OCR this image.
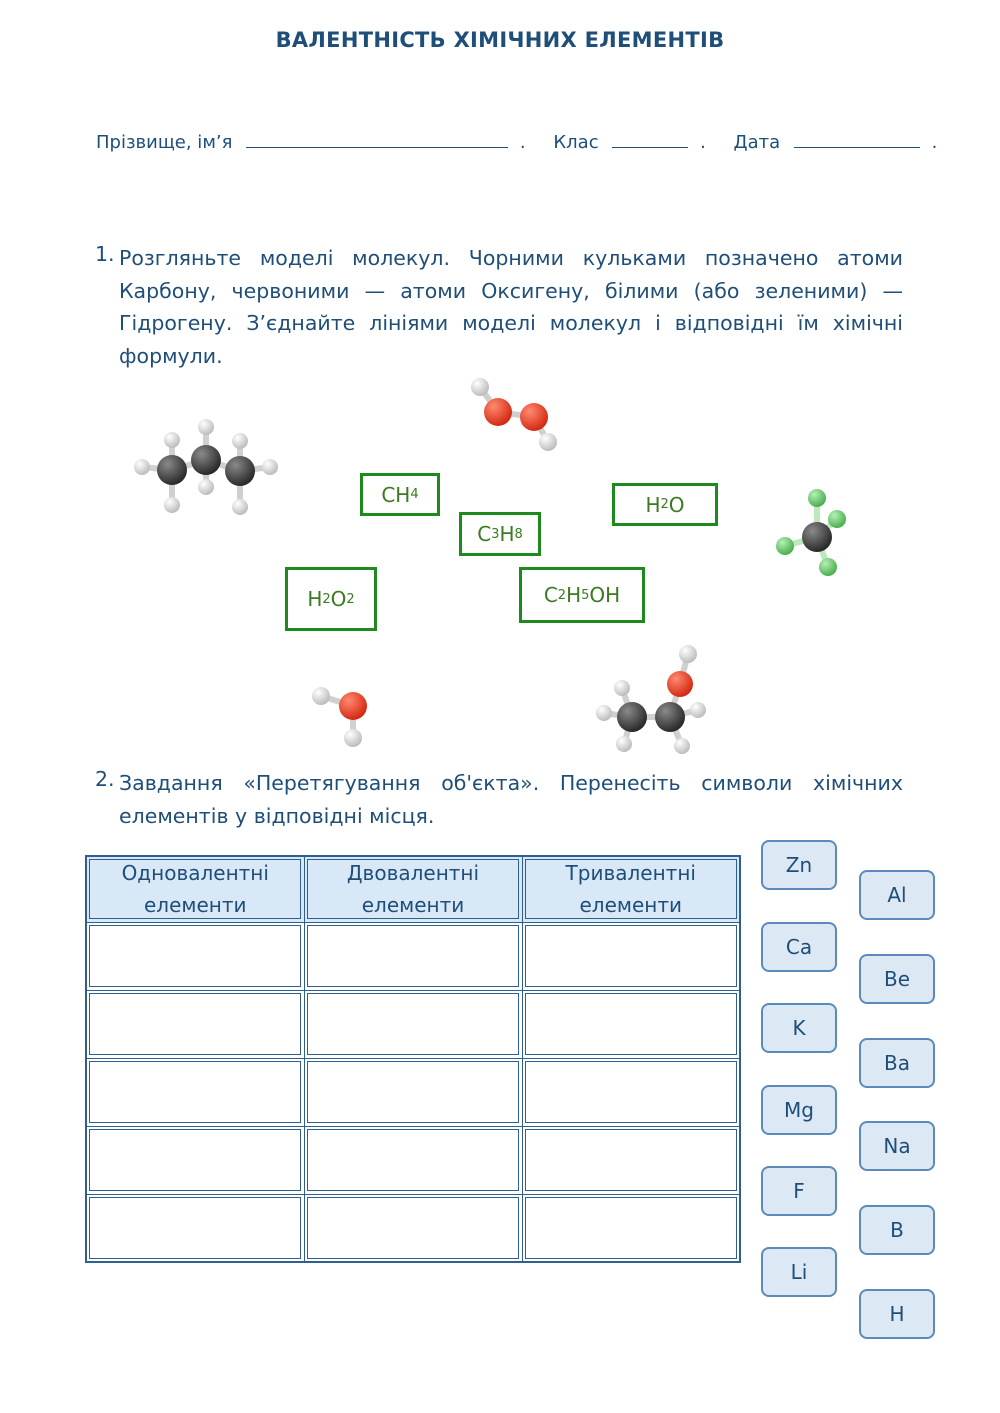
ВАЛЕНТНІСТЬ ХІМІЧНИХ ЕЛЕМЕНТІВ
Прізвище, ім’я	. Клас	. Дата	.
1. Розгляньте моделі молекул. Чорними кульками позначено атоми Карбону, червоними — атоми Оксигену, білими (або зеленими) — Гідрогену. З’єднайте лініями моделі молекул і відповідні їм хімічні формули.
CH 4	H 2 O
C 3 H 8
H 2 O 2	C 2 H 5 OH
2. Завдання «Перетягування об'єкта». Перенесіть символи хімічних елементів у відповідні місця.
Одновалентні елементи	Двовалентні елементи	Тривалентні елементи

Zn
Ca
K
Mg
F
Li
Al
Be
Ba
Na
B
H
